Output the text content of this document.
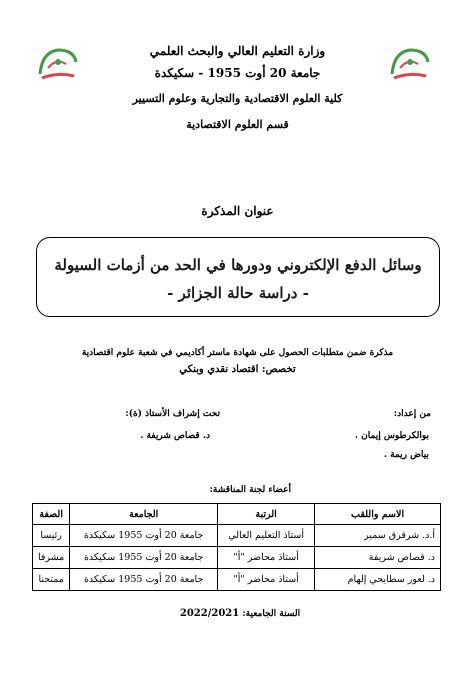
وزارة التعليم العالي والبحث العلمي
جامعة 20 أوت 1955 - سكيكدة
كلية العلوم الاقتصادية والتجارية وعلوم التسيير
قسم العلوم الاقتصادية
عنوان المذكرة
وسائل الدفع الإلكتروني ودورها في الحد من أزمات السيولة
- دراسة حالة الجزائر -
مذكرة ضمن متطلبات الحصول على شهادة ماستر أكاديمي في شعبة علوم اقتصادية
تخصص: اقتصاد نقدي وبنكي
من إعداد:
بوالكرطوس إيمان .
بياض ريمة .
تحت إشراف الأستاذ (ة):
د. قصاص شريفة .
أعضاء لجنة المناقشة:
الاسم واللقب	الرتبة	الجامعة	الصفة
أ.د. شرقرق سمير	أستاذ التعليم العالي	جامعة 20 أوت 1955 سكيكدة	رئيسا
د. قصاص شريفة	أستاذ محاضر "أ"	جامعة 20 أوت 1955 سكيكدة	مشرفا
د. لعور سطايحي إلهام	أستاذ محاضر "أ"	جامعة 20 أوت 1955 سكيكدة	ممتحنا
السنة الجامعية: 2022/2021
